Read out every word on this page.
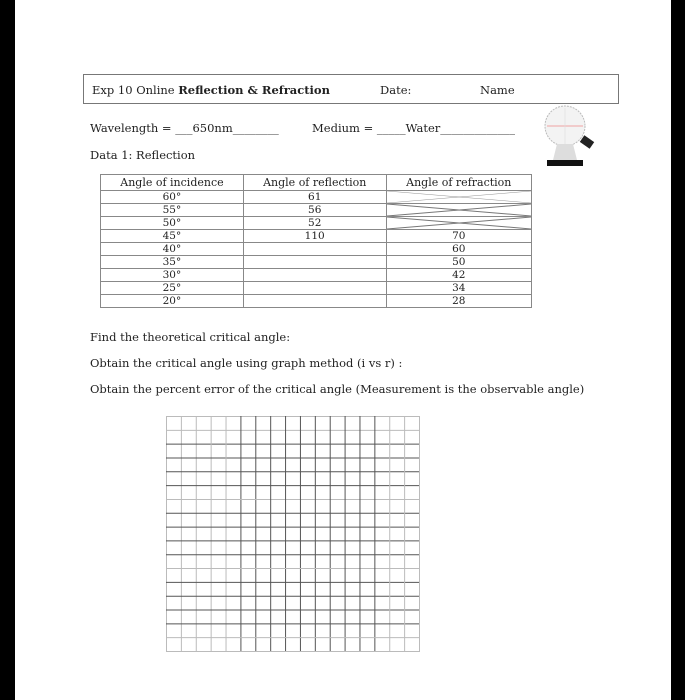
Exp 10 Online Reflection & Refraction	Date:	Name
Wavelength = ___650nm________	Medium = _____Water_____________
Data 1: Reflection
Angle of incidence	Angle of reflection	Angle of refraction
60°	61	

55°	56	

50°	52	

45°	110	70
40°		60
35°		50
30°		42
25°		34
20°		28
Find the theoretical critical angle:
Obtain the critical angle using graph method (i vs r) :
Obtain the percent error of the critical angle (Measurement is the observable angle)
